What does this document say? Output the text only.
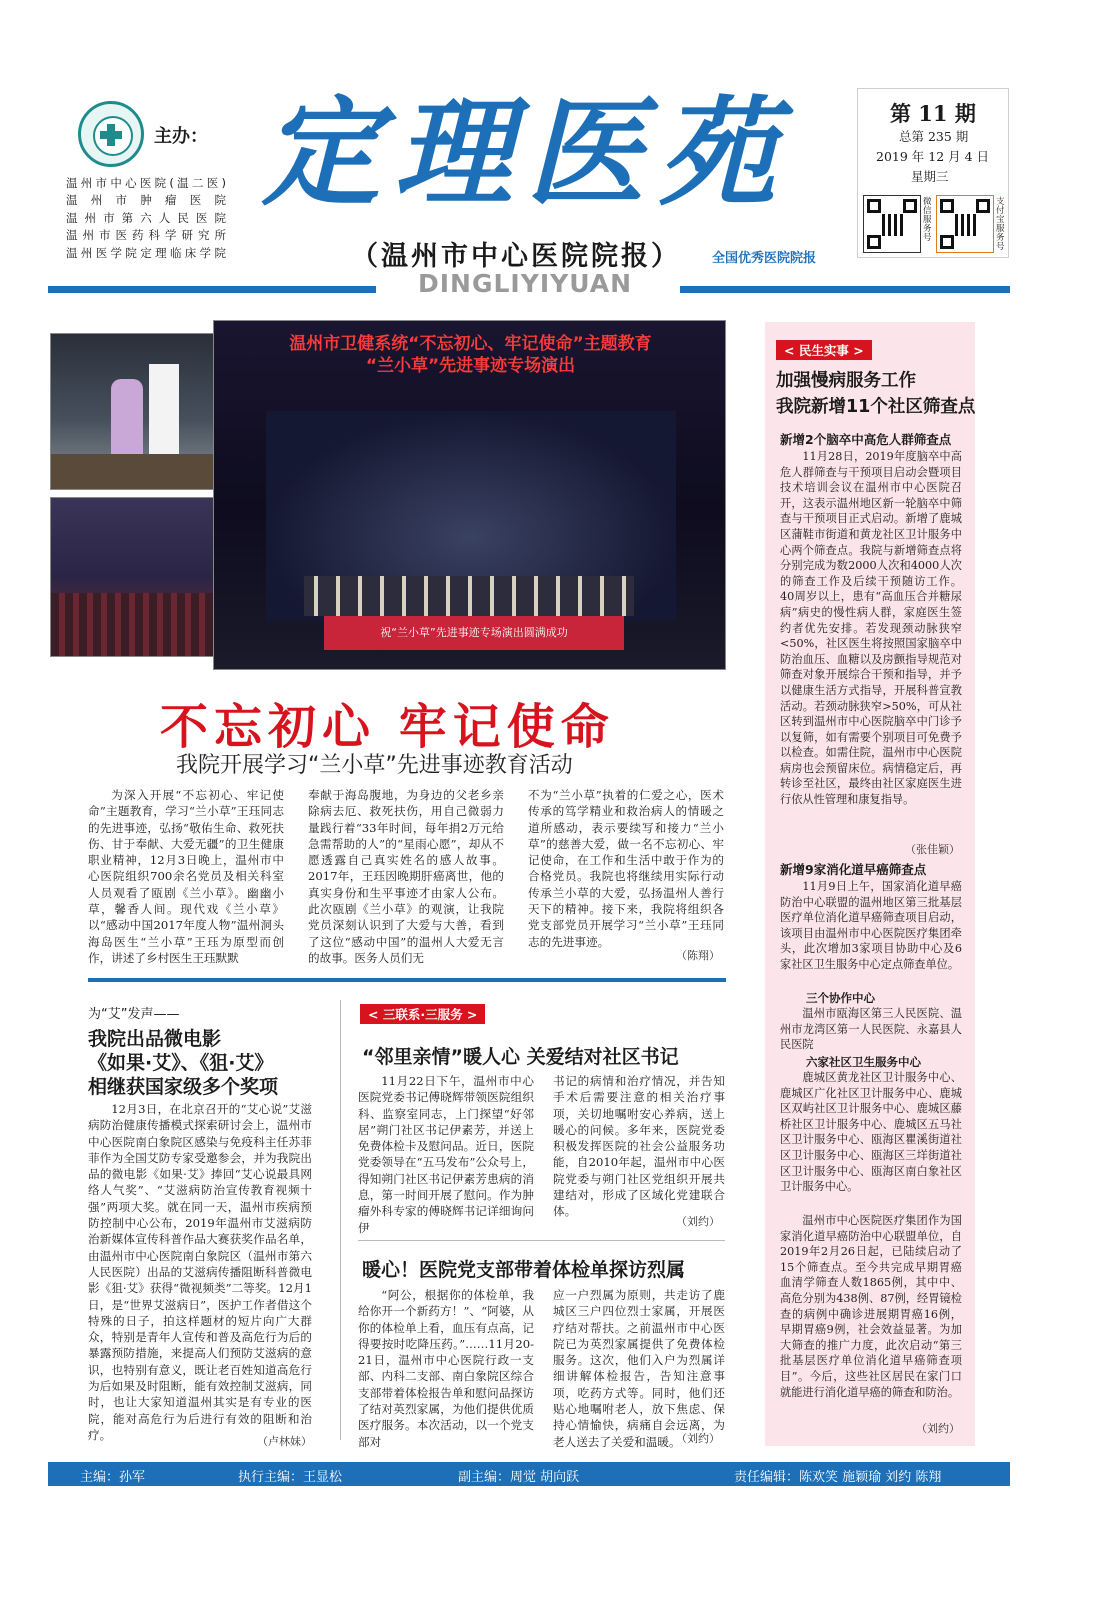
主办：
温州市中心医院(温二医)
温州市肿瘤医院
温州市第六人民医院
温州市医药科学研究所
温州医学院定理临床学院
定理医苑
（温州市中心医院院报） 全国优秀医院院报
DINGLIYIYUAN
第 11 期
总第 235 期
2019 年 12 月 4 日
星期三
微信服务号
支付宝服务号
温州市卫健系统“不忘初心、牢记使命”主题教育
“兰小草”先进事迹专场演出
祝“兰小草”先进事迹专场演出圆满成功
不忘初心 牢记使命
我院开展学习“兰小草”先进事迹教育活动

为深入开展“不忘初心、牢记使命”主题教育，学习“兰小草”王珏同志的先进事迹，弘扬“敬佑生命、救死扶伤、甘于奉献、大爱无疆”的卫生健康职业精神，12月3日晚上，温州市中心医院组织700余名党员及相关科室人员观看了瓯剧《兰小草》。幽幽小草，馨香人间。现代戏《兰小草》以“感动中国2017年度人物”温州洞头海岛医生“兰小草”王珏为原型而创作，讲述了乡村医生王珏默默

奉献于海岛腹地，为身边的父老乡亲除病去厄、救死扶伤，用自己微弱力量践行着“33年时间，每年捐2万元给急需帮助的人”的“星雨心愿”，却从不愿透露自己真实姓名的感人故事。2017年，王珏因晚期肝癌离世，他的真实身份和生平事迹才由家人公布。此次瓯剧《兰小草》的观演，让我院党员深刻认识到了大爱与大善，看到了这位“感动中国”的温州人大爱无言的故事。医务人员们无

不为“兰小草”执着的仁爱之心，医术传承的笃学精业和救治病人的情暖之道所感动，表示要续写和接力“兰小草”的慈善大爱，做一名不忘初心、牢记使命，在工作和生活中敢于作为的合格党员。我院也将继续用实际行动传承兰小草的大爱，弘扬温州人善行天下的精神。接下来，我院将组织各党支部党员开展学习“兰小草”王珏同志的先进事迹。

（陈翔）
为“艾”发声——
我院出品微电影
《如果·艾》、《狙·艾》
相继获国家级多个奖项

12月3日，在北京召开的“艾心说”艾滋病防治健康传播模式探索研讨会上，温州市中心医院南白象院区感染与免疫科主任苏菲菲作为全国艾防专家受邀参会，并为我院出品的微电影《如果·艾》捧回“艾心说最具网络人气奖”、“艾滋病防治宣传教育视频十强”两项大奖。就在同一天，温州市疾病预防控制中心公布，2019年温州市艾滋病防治新媒体宣传科普作品大赛获奖作品名单，由温州市中心医院南白象院区（温州市第六人民医院）出品的艾滋病传播阻断科普微电影《狙·艾》获得“微视频类”二等奖。12月1日，是“世界艾滋病日”，医护工作者借这个特殊的日子，拍这样题材的短片向广大群众，特别是青年人宣传和普及高危行为后的暴露预防措施，来提高人们预防艾滋病的意识，也特别有意义，既让老百姓知道高危行为后如果及时阻断，能有效控制艾滋病，同时，也让大家知道温州其实是有专业的医院，能对高危行为后进行有效的阻断和治疗。	（卢林妹）
< 三联系·三服务 >
“邻里亲情”暖人心 关爱结对社区书记

11月22日下午，温州市中心医院党委书记傅晓辉带领医院组织科、监察室同志，上门探望“好邻居”朔门社区书记伊素芳，并送上免费体检卡及慰问品。近日，医院党委领导在“五马发布”公众号上，得知朔门社区书记伊素芳患病的消息，第一时间开展了慰问。作为肿瘤外科专家的傅晓辉书记详细询问伊

书记的病情和治疗情况，并告知手术后需要注意的相关治疗事项，关切地嘱咐安心养病，送上暖心的问候。多年来，医院党委积极发挥医院的社会公益服务功能，自2010年起，温州市中心医院党委与朔门社区党组织开展共建结对，形成了区域化党建联合体。

（刘约）
暖心！医院党支部带着体检单探访烈属

“阿公，根据你的体检单，我给你开一个新药方！”、“阿婆，从你的体检单上看，血压有点高，记得要按时吃降压药。”……11月20-21日，温州市中心医院行政一支部、内科二支部、南白象院区综合支部带着体检报告单和慰问品探访了结对英烈家属，为他们提供优质医疗服务。本次活动，以一个党支部对

应一户烈属为原则，共走访了鹿城区三户四位烈士家属，开展医疗结对帮扶。之前温州市中心医院已为英烈家属提供了免费体检服务。这次，他们入户为烈属详细讲解体检报告，告知注意事项，吃药方式等。同时，他们还贴心地嘱咐老人，放下焦虑、保持心情愉快，病痛自会远离，为老人送去了关爱和温暖。

（刘约）
< 民生实事 >
加强慢病服务工作
我院新增11个社区筛查点
新增2个脑卒中高危人群筛查点

11月28日，2019年度脑卒中高危人群筛查与干预项目启动会暨项目技术培训会议在温州市中心医院召开，这表示温州地区新一轮脑卒中筛查与干预项目正式启动。新增了鹿城区蒲鞋市街道和黄龙社区卫计服务中心两个筛查点。我院与新增筛查点将分别完成为数2000人次和4000人次的筛查工作及后续干预随访工作。40周岁以上，患有“高血压合并糖尿病”病史的慢性病人群，家庭医生签约者优先安排。若发现颈动脉狭窄<50%，社区医生将按照国家脑卒中防治血压、血糖以及房颤指导规范对筛查对象开展综合干预和指导，并予以健康生活方式指导，开展科普宣教活动。若颈动脉狭窄>50%，可从社区转到温州市中心医院脑卒中门诊予以复筛，如有需要个别项目可免费予以检查。如需住院，温州市中心医院病房也会预留床位。病情稳定后，再转诊至社区，最终由社区家庭医生进行依从性管理和康复指导。

（张佳颖）
新增9家消化道早癌筛查点

11月9日上午，国家消化道早癌防治中心联盟的温州地区第三批基层医疗单位消化道早癌筛查项目启动，该项目由温州市中心医院医疗集团牵头，此次增加3家项目协助中心及6家社区卫生服务中心定点筛查单位。

三个协作中心

温州市瓯海区第三人民医院、温州市龙湾区第一人民医院、永嘉县人民医院

六家社区卫生服务中心

鹿城区黄龙社区卫计服务中心、鹿城区广化社区卫计服务中心、鹿城区双屿社区卫计服务中心、鹿城区藤桥社区卫计服务中心、鹿城区五马社区卫计服务中心、瓯海区瞿溪街道社区卫计服务中心、瓯海区三垟街道社区卫计服务中心、瓯海区南白象社区卫计服务中心。

温州市中心医院医疗集团作为国家消化道早癌防治中心联盟单位，自2019年2月26日起，已陆续启动了15个筛查点。至今共完成早期胃癌血清学筛查人数1865例，其中中、高危分别为438例、87例，经胃镜检查的病例中确诊进展期胃癌16例，早期胃癌9例，社会效益显著。为加大筛查的推广力度，此次启动“第三批基层医疗单位消化道早癌筛查项目”。今后，这些社区居民在家门口就能进行消化道早癌的筛查和防治。

（刘约）
主编：孙军	执行主编：王显松	副主编：周觉 胡向跃	责任编辑：陈欢笑 施颖瑜 刘约 陈翔
